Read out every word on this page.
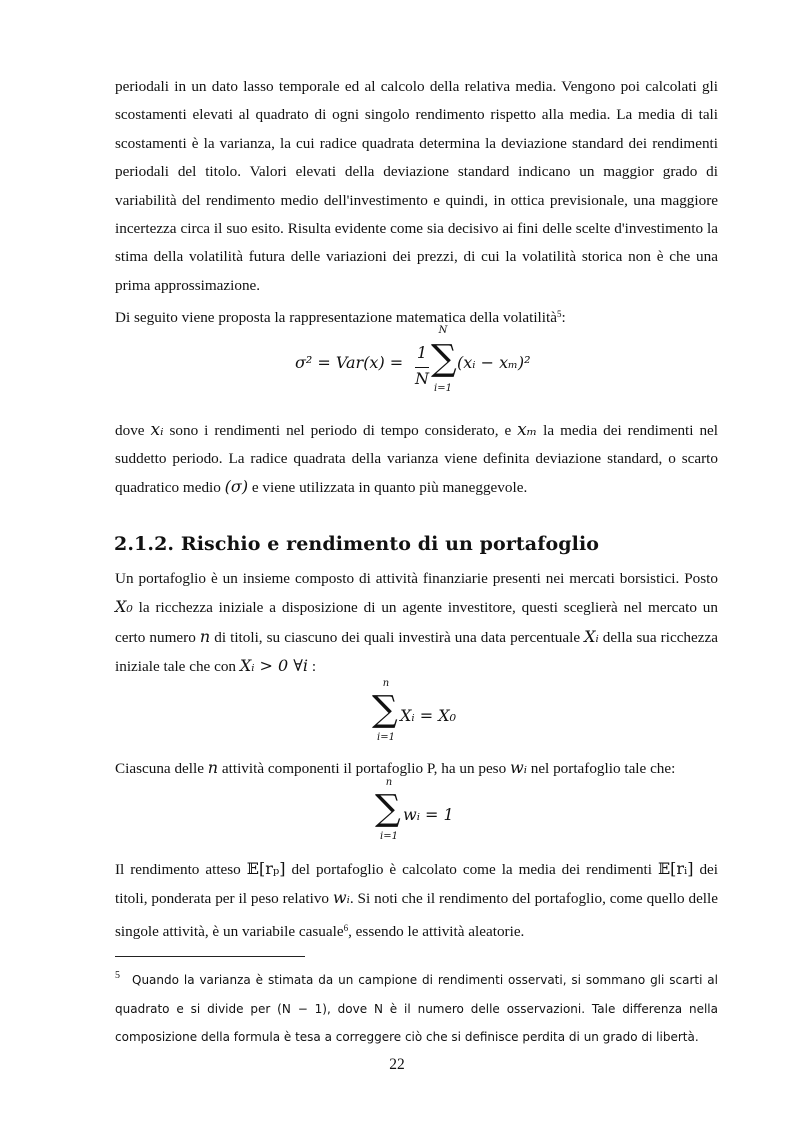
periodali in un dato lasso temporale ed al calcolo della relativa media. Vengono poi calcolati gli scostamenti elevati al quadrato di ogni singolo rendimento rispetto alla media. La media di tali scostamenti è la varianza, la cui radice quadrata determina la deviazione standard dei rendimenti periodali del titolo. Valori elevati della deviazione standard indicano un maggior grado di variabilità del rendimento medio dell'investimento e quindi, in ottica previsionale, una maggiore incertezza circa il suo esito. Risulta evidente come sia decisivo ai fini delle scelte d'investimento la stima della volatilità futura delle variazioni dei prezzi, di cui la volatilità storica non è che una prima approssimazione.

Di seguito viene proposta la rappresentazione matematica della volatilità$^5$:

σ² = Var(x) =
1
N
N
∑
i=1
(xᵢ − xₘ)²

dove xᵢ sono i rendimenti nel periodo di tempo considerato, e xₘ la media dei rendimenti nel suddetto periodo. La radice quadrata della varianza viene definita deviazione standard, o scarto quadratico medio (σ) e viene utilizzata in quanto più maneggevole.

2.1.2. Rischio e rendimento di un portafoglio

Un portafoglio è un insieme composto di attività finanziarie presenti nei mercati borsistici. Posto X₀ la ricchezza iniziale a disposizione di un agente investitore, questi sceglierà nel mercato un certo numero n di titoli, su ciascuno dei quali investirà una data percentuale Xᵢ della sua ricchezza iniziale tale che con Xᵢ > 0 ∀i :

n
∑
i=1
Xᵢ = X₀

Ciascuna delle n attività componenti il portafoglio P, ha un peso wᵢ nel portafoglio tale che:

n
∑
i=1
wᵢ = 1

Il rendimento atteso 𝔼[rₚ] del portafoglio è calcolato come la media dei rendimenti 𝔼[rᵢ] dei titoli, ponderata per il peso relativo wᵢ. Si noti che il rendimento del portafoglio, come quello delle singole attività, è un variabile casuale$^6$, essendo le attività aleatorie.

$^5$ Quando la varianza è stimata da un campione di rendimenti osservati, si sommano gli scarti al quadrato e si divide per (N − 1), dove N è il numero delle osservazioni. Tale differenza nella composizione della formula è tesa a correggere ciò che si definisce perdita di un grado di libertà.
22
